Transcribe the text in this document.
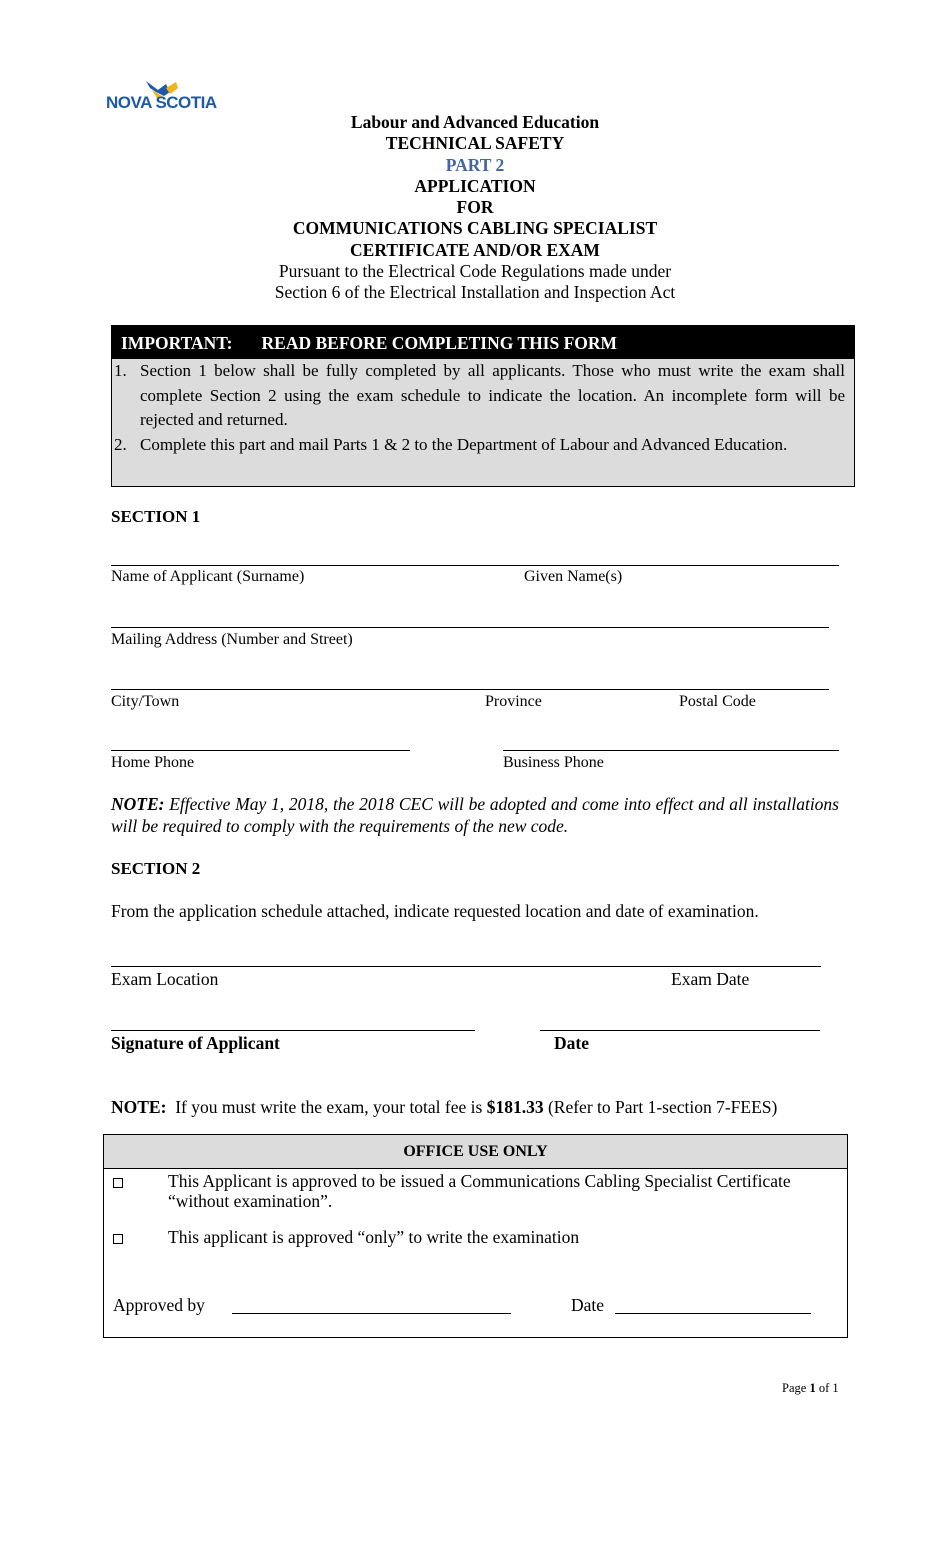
NOVA SCOTIA
Labour and Advanced Education
TECHNICAL SAFETY
PART 2
APPLICATION
FOR
COMMUNICATIONS CABLING SPECIALIST
CERTIFICATE AND/OR EXAM
Pursuant to the Electrical Code Regulations made under
Section 6 of the Electrical Installation and Inspection Act
IMPORTANT: READ BEFORE COMPLETING THIS FORM
1. Section 1 below shall be fully completed by all applicants. Those who must write the exam shall complete Section 2 using the exam schedule to indicate the location. An incomplete form will be rejected and returned.
2. Complete this part and mail Parts 1 & 2 to the Department of Labour and Advanced Education.
SECTION 1
Name of Applicant (Surname)	Given Name(s)
Mailing Address (Number and Street)
City/Town	Province	Postal Code
Home Phone	Business Phone
NOTE: Effective May 1, 2018, the 2018 CEC will be adopted and come into effect and all installations will be required to comply with the requirements of the new code.
SECTION 2
From the application schedule attached, indicate requested location and date of examination.
Exam Location	Exam Date
Signature of Applicant	Date
NOTE:  If you must write the exam, your total fee is $181.33 (Refer to Part 1-section 7-FEES)
OFFICE USE ONLY
This Applicant is approved to be issued a Communications Cabling Specialist Certificate
“without examination”.
This applicant is approved “only” to write the examination
Approved by	Date
Page 1 of 1
